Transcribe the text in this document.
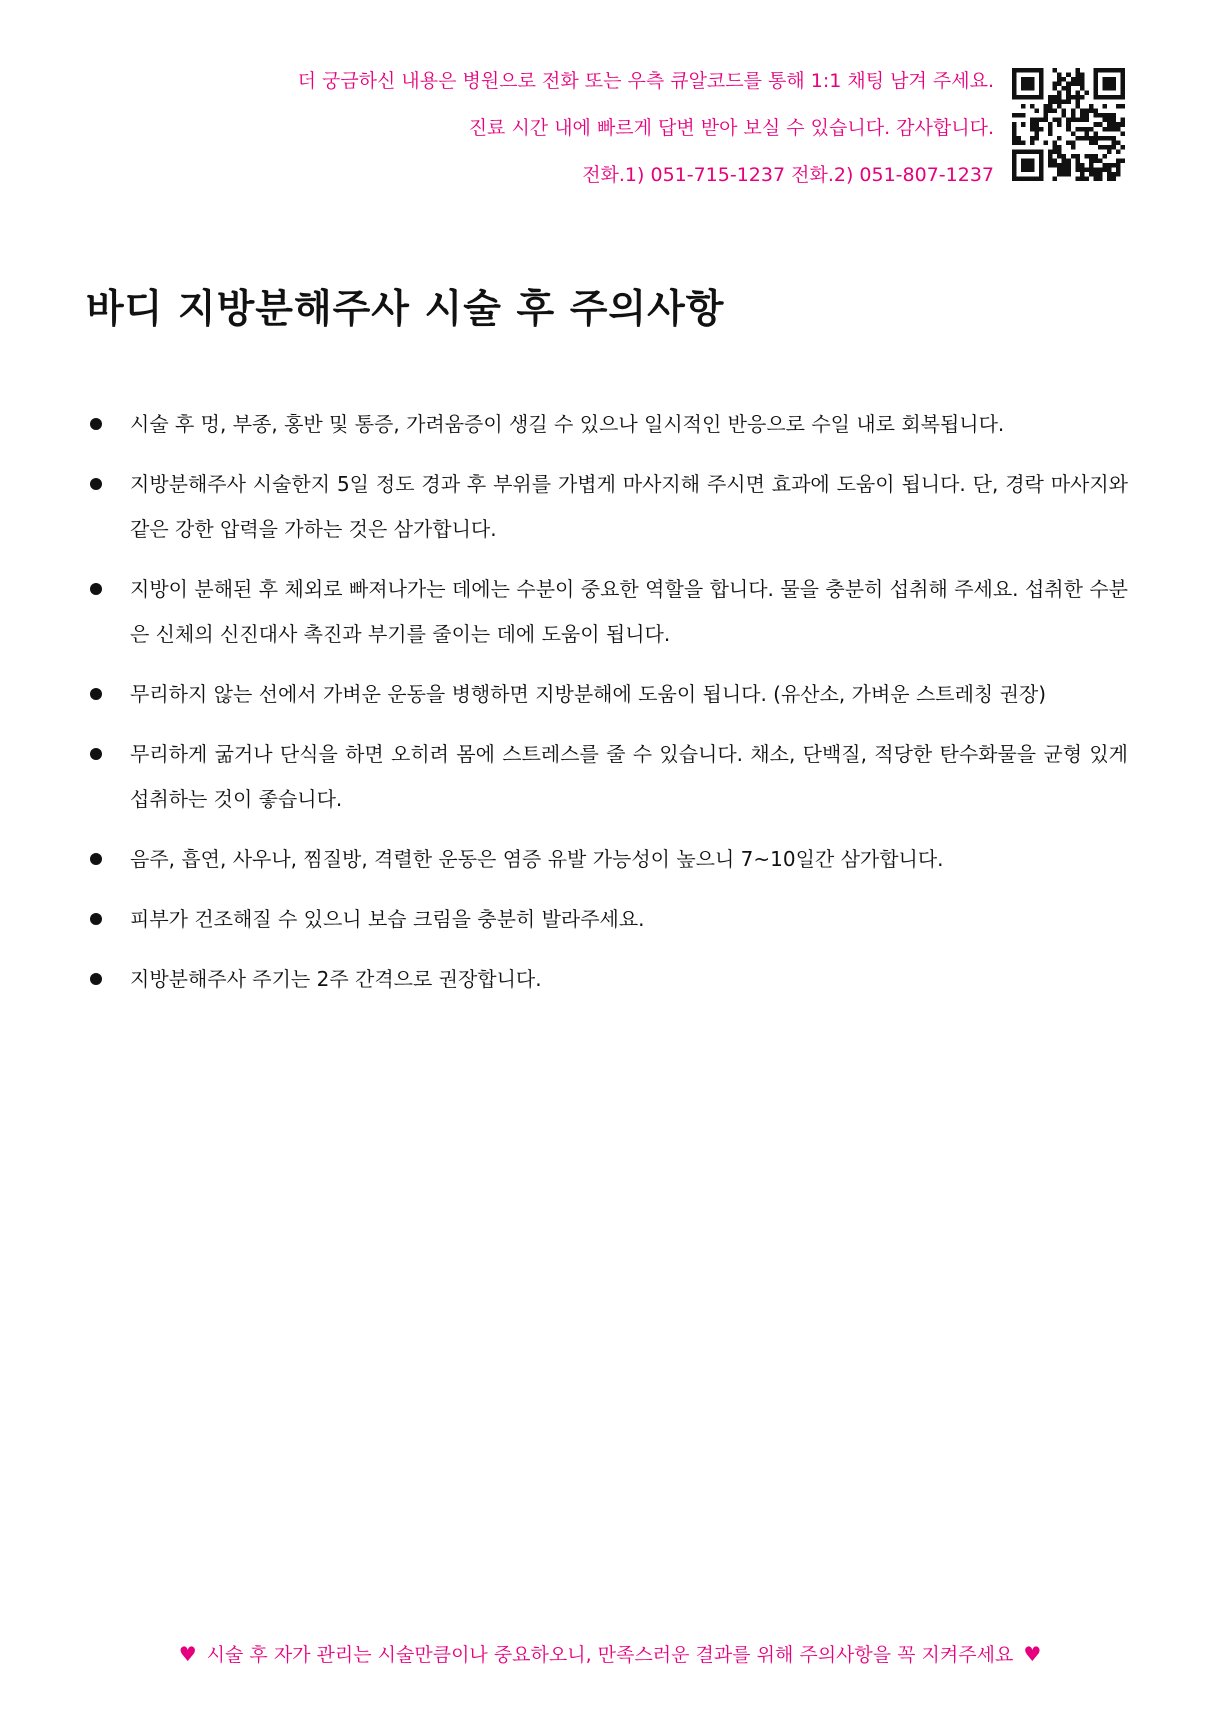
더 궁금하신 내용은 병원으로 전화 또는 우측 큐알코드를 통해 1:1 채팅 남겨 주세요.
진료 시간 내에 빠르게 답변 받아 보실 수 있습니다. 감사합니다.
전화.1) 051-715-1237 전화.2) 051-807-1237
바디 지방분해주사 시술 후 주의사항
시술 후 멍, 부종, 홍반 및 통증, 가려움증이 생길 수 있으나 일시적인 반응으로 수일 내로 회복됩니다.
지방분해주사 시술한지 5일 정도 경과 후 부위를 가볍게 마사지해 주시면 효과에 도움이 됩니다. 단, 경락 마사지와 같은 강한 압력을 가하는 것은 삼가합니다.
지방이 분해된 후 체외로 빠져나가는 데에는 수분이 중요한 역할을 합니다. 물을 충분히 섭취해 주세요. 섭취한 수분은 신체의 신진대사 촉진과 부기를 줄이는 데에 도움이 됩니다.
무리하지 않는 선에서 가벼운 운동을 병행하면 지방분해에 도움이 됩니다. (유산소, 가벼운 스트레칭 권장)
무리하게 굶거나 단식을 하면 오히려 몸에 스트레스를 줄 수 있습니다. 채소, 단백질, 적당한 탄수화물을 균형 있게 섭취하는 것이 좋습니다.
음주, 흡연, 사우나, 찜질방, 격렬한 운동은 염증 유발 가능성이 높으니 7~10일간 삼가합니다.
피부가 건조해질 수 있으니 보습 크림을 충분히 발라주세요.
지방분해주사 주기는 2주 간격으로 권장합니다.
♥ 시술 후 자가 관리는 시술만큼이나 중요하오니, 만족스러운 결과를 위해 주의사항을 꼭 지켜주세요 ♥
